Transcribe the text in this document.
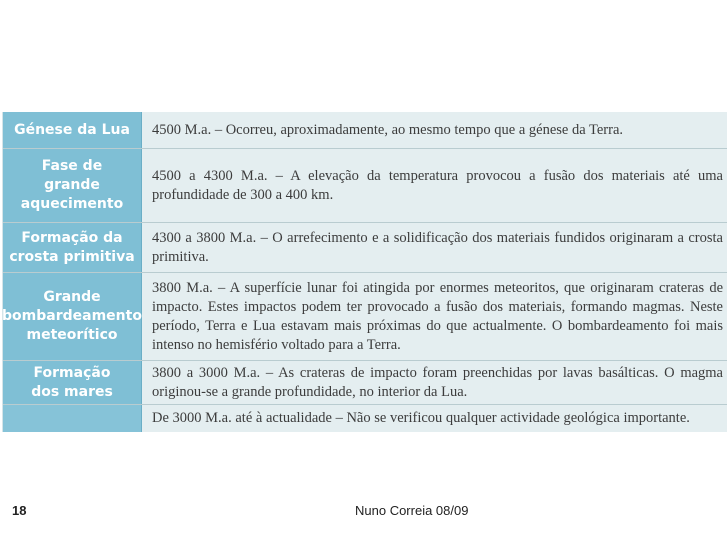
Génese da Lua	4500 M.a. – Ocorreu, aproximadamente, ao mesmo tempo que a génese da Terra.
Fase de
grande
aquecimento
4500 a 4300 M.a. – A elevação da temperatura provocou a fusão dos materiais até uma profundidade de 300 a 400 km.
Formação da
crosta primitiva
4300 a 3800 M.a. – O arrefecimento e a solidificação dos materiais fundidos originaram a crosta primitiva.
Grande
bombardeamento
meteorítico
3800 M.a. – A superfície lunar foi atingida por enormes meteoritos, que originaram crateras de impacto. Estes impactos podem ter provocado a fusão dos materiais, formando magmas. Neste período, Terra e Lua estavam mais próximas do que actualmente. O bombardeamento foi mais intenso no hemisfério voltado para a Terra.
Formação
dos mares
3800 a 3000 M.a. – As crateras de impacto foram preenchidas por lavas basálticas. O magma originou-se a grande profundidade, no interior da Lua.
De 3000 M.a. até à actualidade – Não se verificou qualquer actividade geológica importante.
18	Nuno Correia 08/09
